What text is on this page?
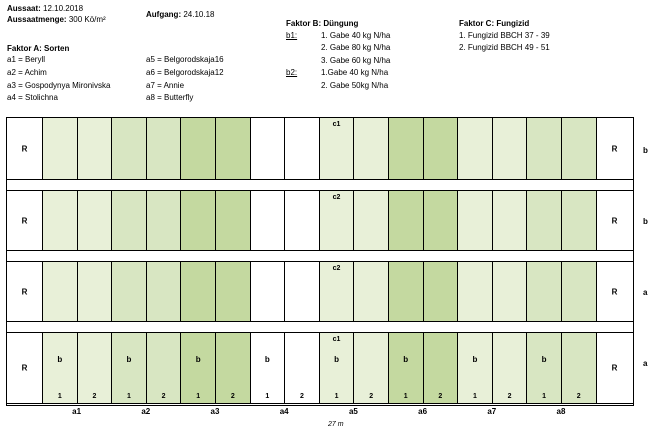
Aussaat: 12.10.2018
Aussaatmenge: 300 Kö/m²
Aufgang: 24.10.18
Faktor A: Sorten
a1 = Beryll
a2 = Achim
a3 = Gospodynya Mironivska
a4 = Stolichna
a5 = Belgorodskaja16
a6 = Belgorodskaja12
a7 = Annie
a8 = Butterfly
Faktor B: Düngung
b1:	1. Gabe 40 kg N/ha
2. Gabe 80 kg N/ha
3. Gabe 60 kg N/ha
b2:	1.Gabe 40 kg N/ha
2. Gabe 50kg N/ha
Faktor C: Fungizid
1. Fungizid BBCH 37 - 39
2. Fungizid BBCH 49 - 51
R
c1
R
R
c2
R
R
c2
R
R
b
1	2
b
1	2
b
1	2
b
1	2
c1
b
1	2
b
1	2
b
1	2
b
1	2
R
b
b
a
a
a1	a2	a3	a4	a5	a6	a7	a8
27 m
